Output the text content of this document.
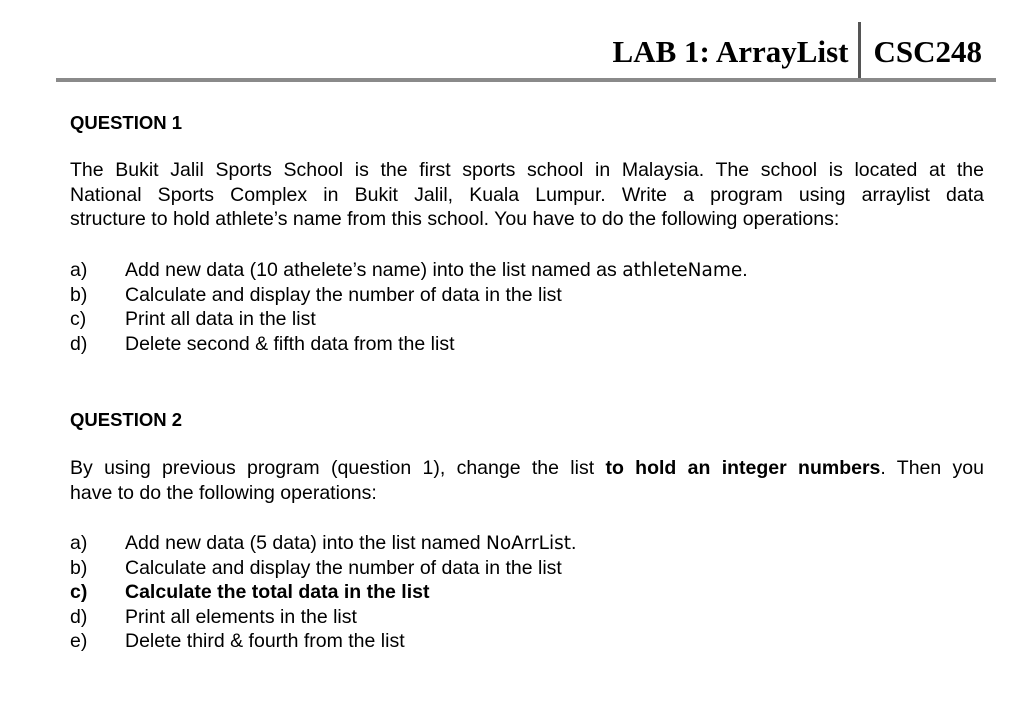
LAB 1: ArrayList CSC248
QUESTION 1
The Bukit Jalil Sports School is the first sports school in Malaysia. The school is located at the
National Sports Complex in Bukit Jalil, Kuala Lumpur. Write a program using arraylist data
structure to hold athlete’s name from this school. You have to do the following operations:
a)	Add new data (10 athelete’s name) into the list named as athleteName.
b)	Calculate and display the number of data in the list
c)	Print all data in the list
d)	Delete second & fifth data from the list
QUESTION 2
By using previous program (question 1), change the list to hold an integer numbers. Then you
have to do the following operations:
a)	Add new data (5 data) into the list named NoArrList.
b)	Calculate and display the number of data in the list
c)	Calculate the total data in the list
d)	Print all elements in the list
e)	Delete third & fourth from the list
